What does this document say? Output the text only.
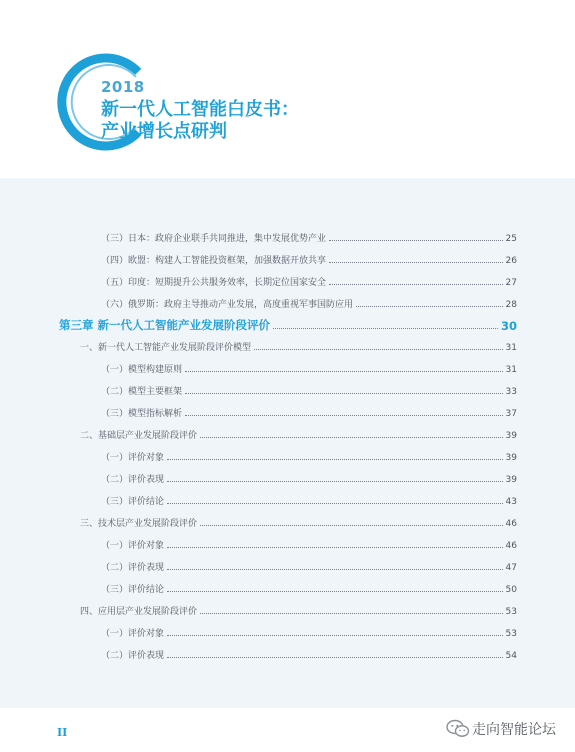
2018
新一代人工智能白皮书：
产业增长点研判
（三）日本：政府企业联手共同推进，集中发展优势产业	25
（四）欧盟：构建人工智能投资框架，加强数据开放共享	26
（五）印度：短期提升公共服务效率，长期定位国家安全	27
（六）俄罗斯：政府主导推动产业发展，高度重视军事国防应用	28
第三章 新一代人工智能产业发展阶段评价	30
一、新一代人工智能产业发展阶段评价模型	31
（一）模型构建原则	31
（二）模型主要框架	33
（三）模型指标解析	37
二、基础层产业发展阶段评价	39
（一）评价对象	39
（二）评价表现	39
（三）评价结论	43
三、技术层产业发展阶段评价	46
（一）评价对象	46
（二）评价表现	47
（三）评价结论	50
四、应用层产业发展阶段评价	53
（一）评价对象	53
（二）评价表现	54
II	走向智能论坛
